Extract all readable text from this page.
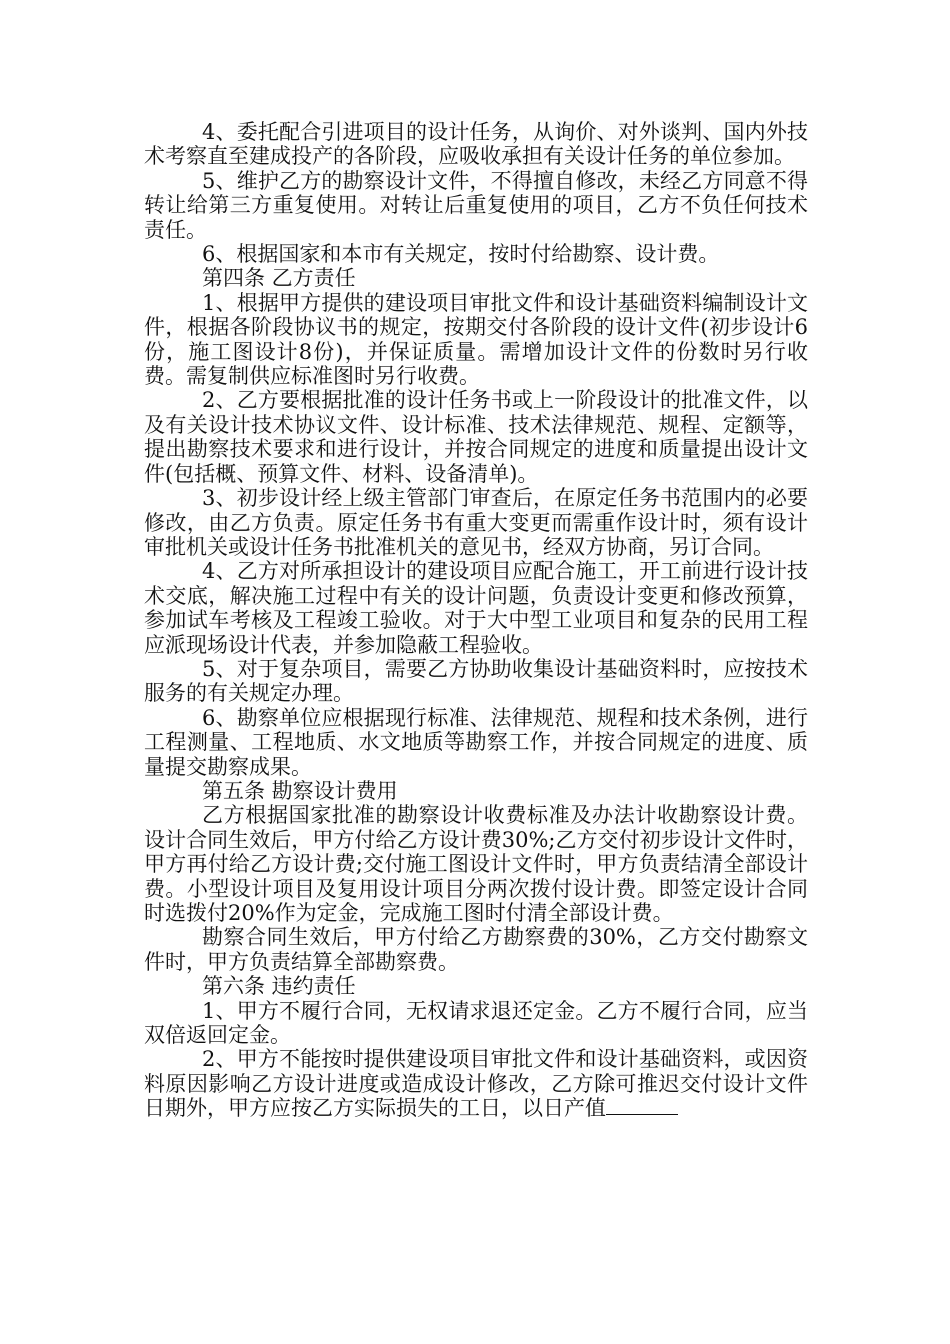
4、委托配合引进项目的设计任务，从询价、对外谈判、国内外技术考察直至建成投产的各阶段，应吸收承担有关设计任务的单位参加。

5、维护乙方的勘察设计文件，不得擅自修改，未经乙方同意不得转让给第三方重复使用。对转让后重复使用的项目，乙方不负任何技术责任。

6、根据国家和本市有关规定，按时付给勘察、设计费。

第四条 乙方责任

1、根据甲方提供的建设项目审批文件和设计基础资料编制设计文件，根据各阶段协议书的规定，按期交付各阶段的设计文件(初步设计6份，施工图设计8份)，并保证质量。需增加设计文件的份数时另行收费。需复制供应标准图时另行收费。

2、乙方要根据批准的设计任务书或上一阶段设计的批准文件，以及有关设计技术协议文件、设计标准、技术法律规范、规程、定额等，提出勘察技术要求和进行设计，并按合同规定的进度和质量提出设计文件(包括概、预算文件、材料、设备清单)。

3、初步设计经上级主管部门审查后，在原定任务书范围内的必要修改，由乙方负责。原定任务书有重大变更而需重作设计时，须有设计审批机关或设计任务书批准机关的意见书，经双方协商，另订合同。

4、乙方对所承担设计的建设项目应配合施工，开工前进行设计技术交底，解决施工过程中有关的设计问题，负责设计变更和修改预算，参加试车考核及工程竣工验收。对于大中型工业项目和复杂的民用工程应派现场设计代表，并参加隐蔽工程验收。

5、对于复杂项目，需要乙方协助收集设计基础资料时，应按技术服务的有关规定办理。

6、勘察单位应根据现行标准、法律规范、规程和技术条例，进行工程测量、工程地质、水文地质等勘察工作，并按合同规定的进度、质量提交勘察成果。

第五条 勘察设计费用

乙方根据国家批准的勘察设计收费标准及办法计收勘察设计费。设计合同生效后，甲方付给乙方设计费30%;乙方交付初步设计文件时，甲方再付给乙方设计费;交付施工图设计文件时，甲方负责结清全部设计费。小型设计项目及复用设计项目分两次拨付设计费。即签定设计合同时选拨付20%作为定金，完成施工图时付清全部设计费。

勘察合同生效后，甲方付给乙方勘察费的30%，乙方交付勘察文件时，甲方负责结算全部勘察费。

第六条 违约责任

1、甲方不履行合同，无权请求退还定金。乙方不履行合同，应当双倍返回定金。

2、甲方不能按时提供建设项目审批文件和设计基础资料，或因资料原因影响乙方设计进度或造成设计修改，乙方除可推迟交付设计文件日期外，甲方应按乙方实际损失的工日，以日产值
